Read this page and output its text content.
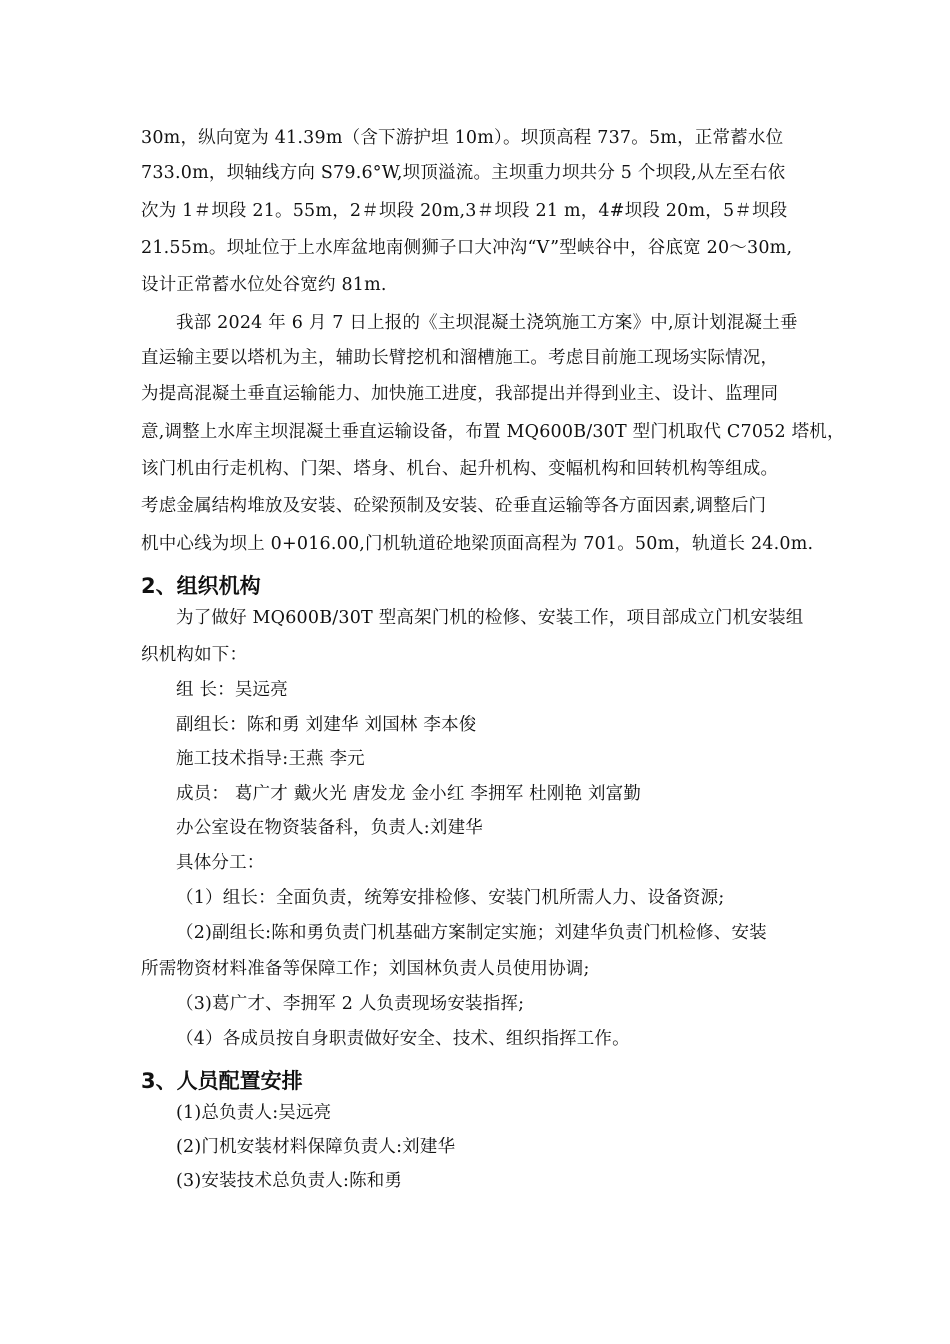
30m，纵向宽为 41.39m（含下游护坦 10m）。坝顶高程 737。5m，正常蓄水位
733.0m，坝轴线方向 S79.6°W,坝顶溢流。主坝重力坝共分 5 个坝段,从左至右依
次为 1＃坝段 21。55m，2＃坝段 20m,3＃坝段 21 m，4#坝段 20m，5＃坝段
21.55m。坝址位于上水库盆地南侧狮子口大冲沟“V”型峡谷中，谷底宽 20～30m,
设计正常蓄水位处谷宽约 81m.
我部 2024 年 6 月 7 日上报的《主坝混凝土浇筑施工方案》中,原计划混凝土垂
直运输主要以塔机为主，辅助长臂挖机和溜槽施工。考虑目前施工现场实际情况，
为提高混凝土垂直运输能力、加快施工进度，我部提出并得到业主、设计、监理同
意,调整上水库主坝混凝土垂直运输设备，布置 MQ600B/30T 型门机取代 C7052 塔机，
该门机由行走机构、门架、塔身、机台、起升机构、变幅机构和回转机构等组成。
考虑金属结构堆放及安装、砼梁预制及安装、砼垂直运输等各方面因素,调整后门
机中心线为坝上 0+016.00,门机轨道砼地梁顶面高程为 701。50m，轨道长 24.0m.
2、组织机构
为了做好 MQ600B/30T 型高架门机的检修、安装工作，项目部成立门机安装组
织机构如下：
组 长：吴远亮
副组长：陈和勇 刘建华 刘国林 李本俊
施工技术指导:王燕 李元
成员： 葛广才 戴火光 唐发龙 金小红 李拥军 杜刚艳 刘富勤
办公室设在物资装备科，负责人:刘建华
具体分工：
（1）组长：全面负责，统筹安排检修、安装门机所需人力、设备资源;
（2)副组长:陈和勇负责门机基础方案制定实施；刘建华负责门机检修、安装
所需物资材料准备等保障工作；刘国林负责人员使用协调;
（3)葛广才、李拥军 2 人负责现场安装指挥;
（4）各成员按自身职责做好安全、技术、组织指挥工作。
3、人员配置安排
(1)总负责人:吴远亮
(2)门机安装材料保障负责人:刘建华
(3)安装技术总负责人:陈和勇
